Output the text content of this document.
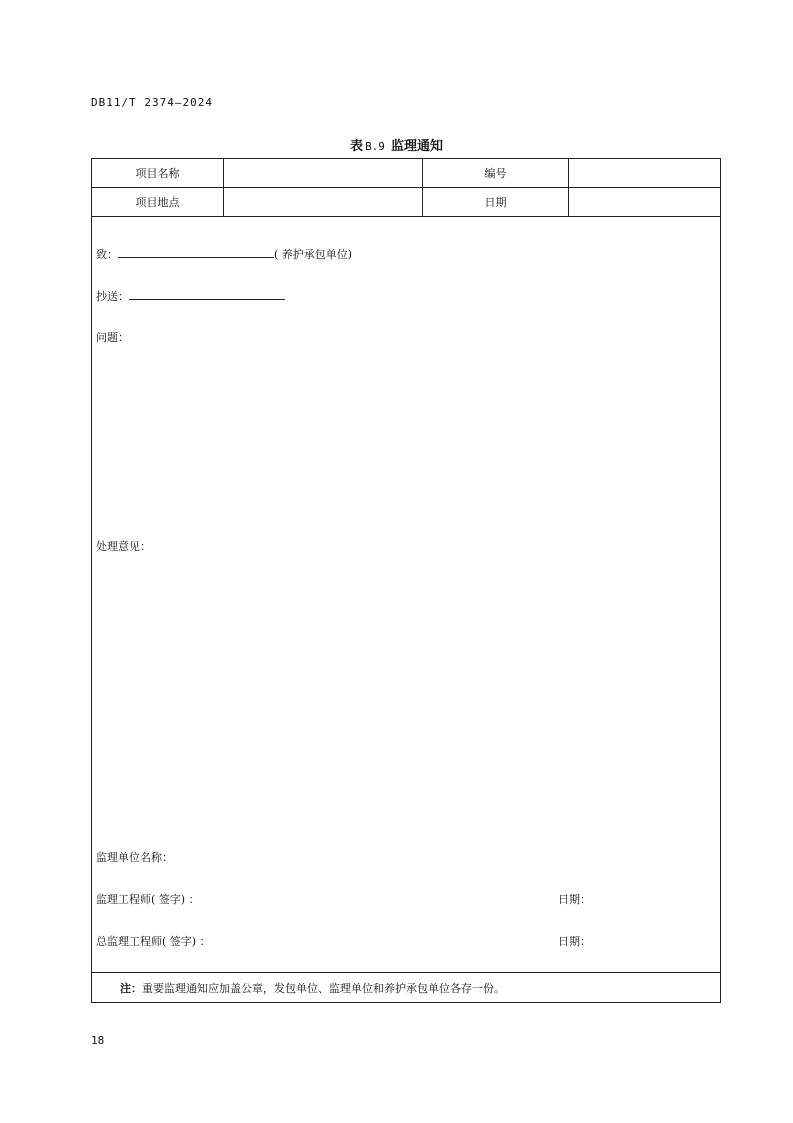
DB11/T 2374—2024
表 B.9 监理通知
项目名称	编号
项目地点	日期
致：	( 养护承包单位)
抄送：
问题：
处理意见：
监理单位名称：
监理工程师( 签字) ：	日期：
总监理工程师( 签字) ：	日期：
注： 重要监理通知应加盖公章，发包单位、监理单位和养护承包单位各存一份。
18
